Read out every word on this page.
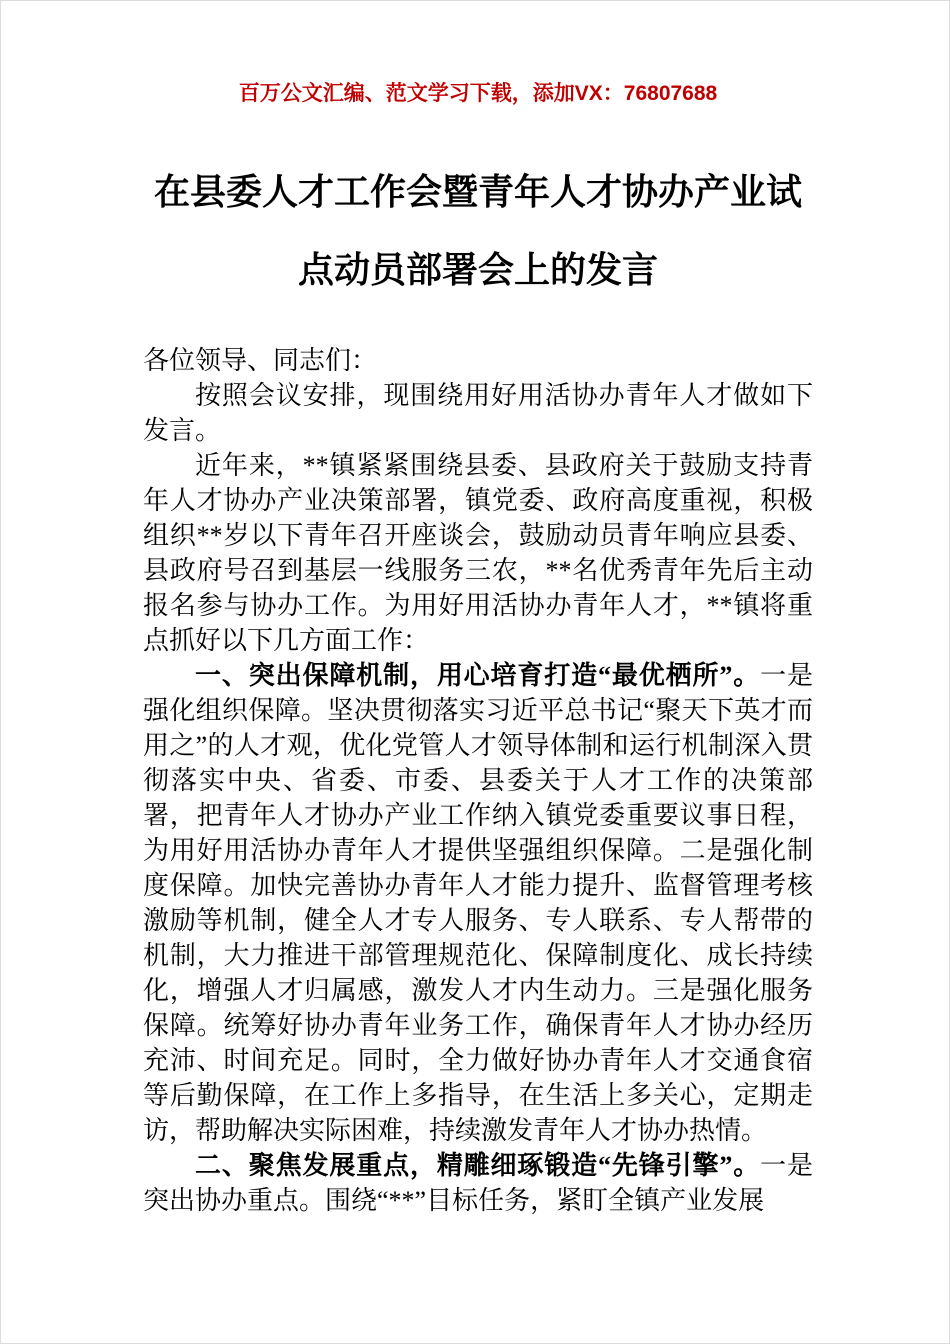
百万公文汇编、范文学习下载，添加VX：76807688
在县委人才工作会暨青年人才协办产业试
点动员部署会上的发言

各位领导、同志们：

按照会议安排，现围绕用好用活协办青年人才做如下发言。

近年来，**镇紧紧围绕县委、县政府关于鼓励支持青年人才协办产业决策部署，镇党委、政府高度重视，积极组织**岁以下青年召开座谈会，鼓励动员青年响应县委、县政府号召到基层一线服务三农，**名优秀青年先后主动报名参与协办工作。为用好用活协办青年人才，**镇将重点抓好以下几方面工作：

一、突出保障机制，用心培育打造“最优栖所”。一是强化组织保障。坚决贯彻落实习近平总书记“聚天下英才而用之”的人才观，优化党管人才领导体制和运行机制深入贯彻落实中央、省委、市委、县委关于人才工作的决策部署，把青年人才协办产业工作纳入镇党委重要议事日程，为用好用活协办青年人才提供坚强组织保障。二是强化制度保障。加快完善协办青年人才能力提升、监督管理考核激励等机制，健全人才专人服务、专人联系、专人帮带的机制，大力推进干部管理规范化、保障制度化、成长持续化，增强人才归属感，激发人才内生动力。三是强化服务保障。统筹好协办青年业务工作，确保青年人才协办经历充沛、时间充足。同时，全力做好协办青年人才交通食宿等后勤保障，在工作上多指导，在生活上多关心，定期走访，帮助解决实际困难，持续激发青年人才协办热情。

二、聚焦发展重点，精雕细琢锻造“先锋引擎”。一是突出协办重点。围绕“**”目标任务，紧盯全镇产业发展
